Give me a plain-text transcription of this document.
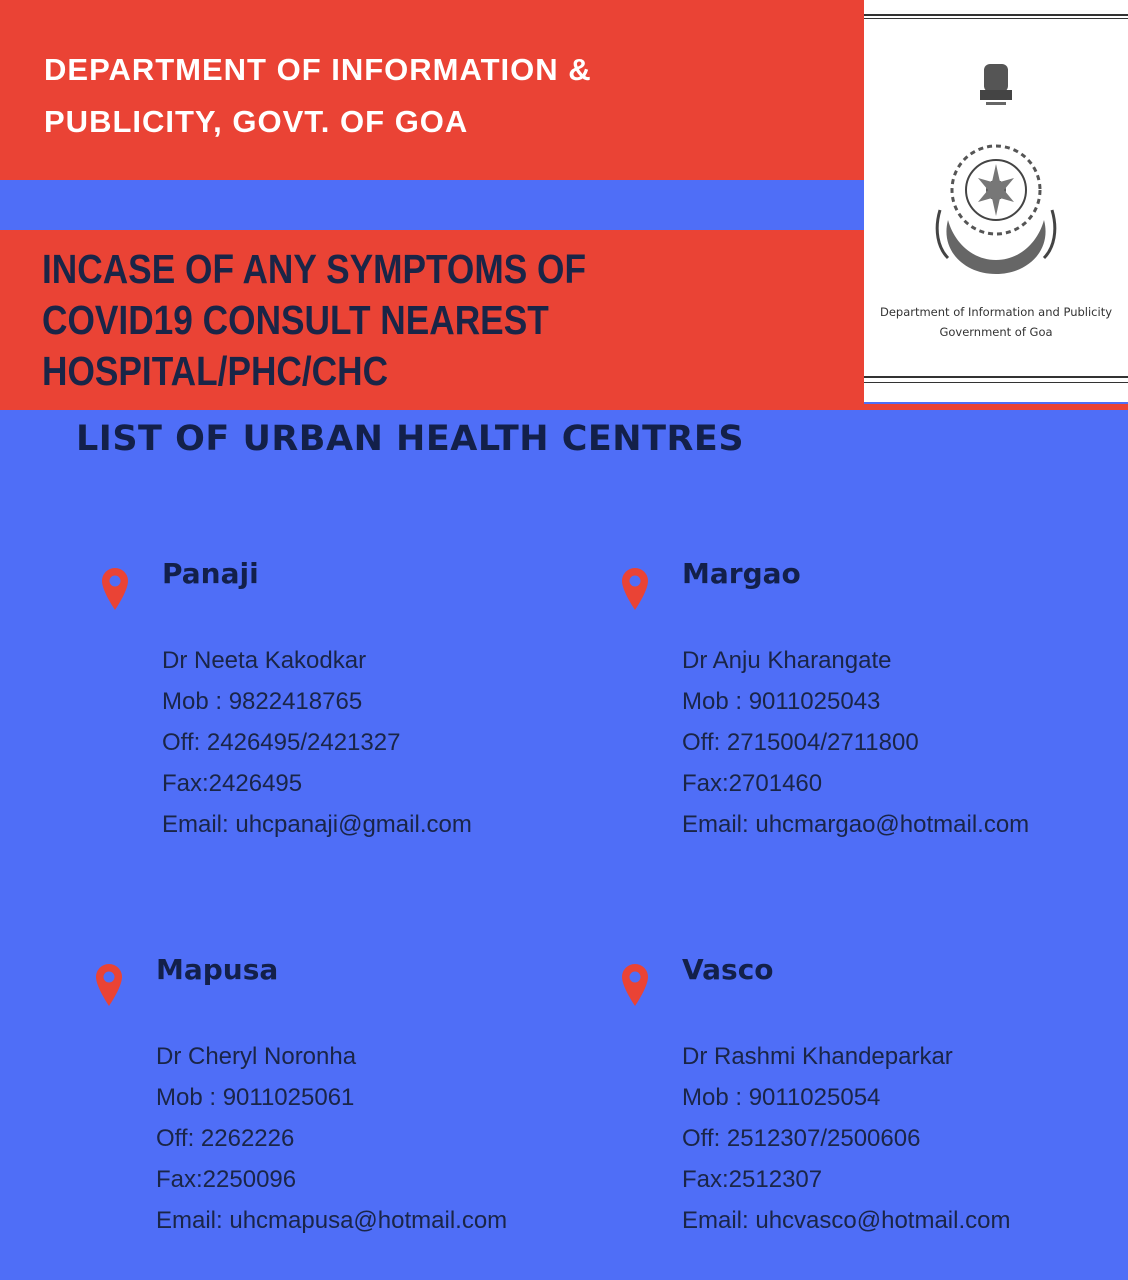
DEPARTMENT OF INFORMATION &
PUBLICITY, GOVT. OF GOA
INCASE OF ANY SYMPTOMS OF
COVID19 CONSULT NEAREST
HOSPITAL/PHC/CHC
Department of Information and Publicity
Government of Goa
LIST OF URBAN HEALTH CENTRES
Panaji
Dr Neeta Kakodkar
Mob : 9822418765
Off: 2426495/2421327
Fax:2426495
Email: uhcpanaji@gmail.com
Margao
Dr Anju Kharangate
Mob : 9011025043
Off: 2715004/2711800
Fax:2701460
Email: uhcmargao@hotmail.com
Mapusa
Dr Cheryl Noronha
Mob : 9011025061
Off: 2262226
Fax:2250096
Email: uhcmapusa@hotmail.com
Vasco
Dr Rashmi Khandeparkar
Mob : 9011025054
Off: 2512307/2500606
Fax:2512307
Email: uhcvasco@hotmail.com
